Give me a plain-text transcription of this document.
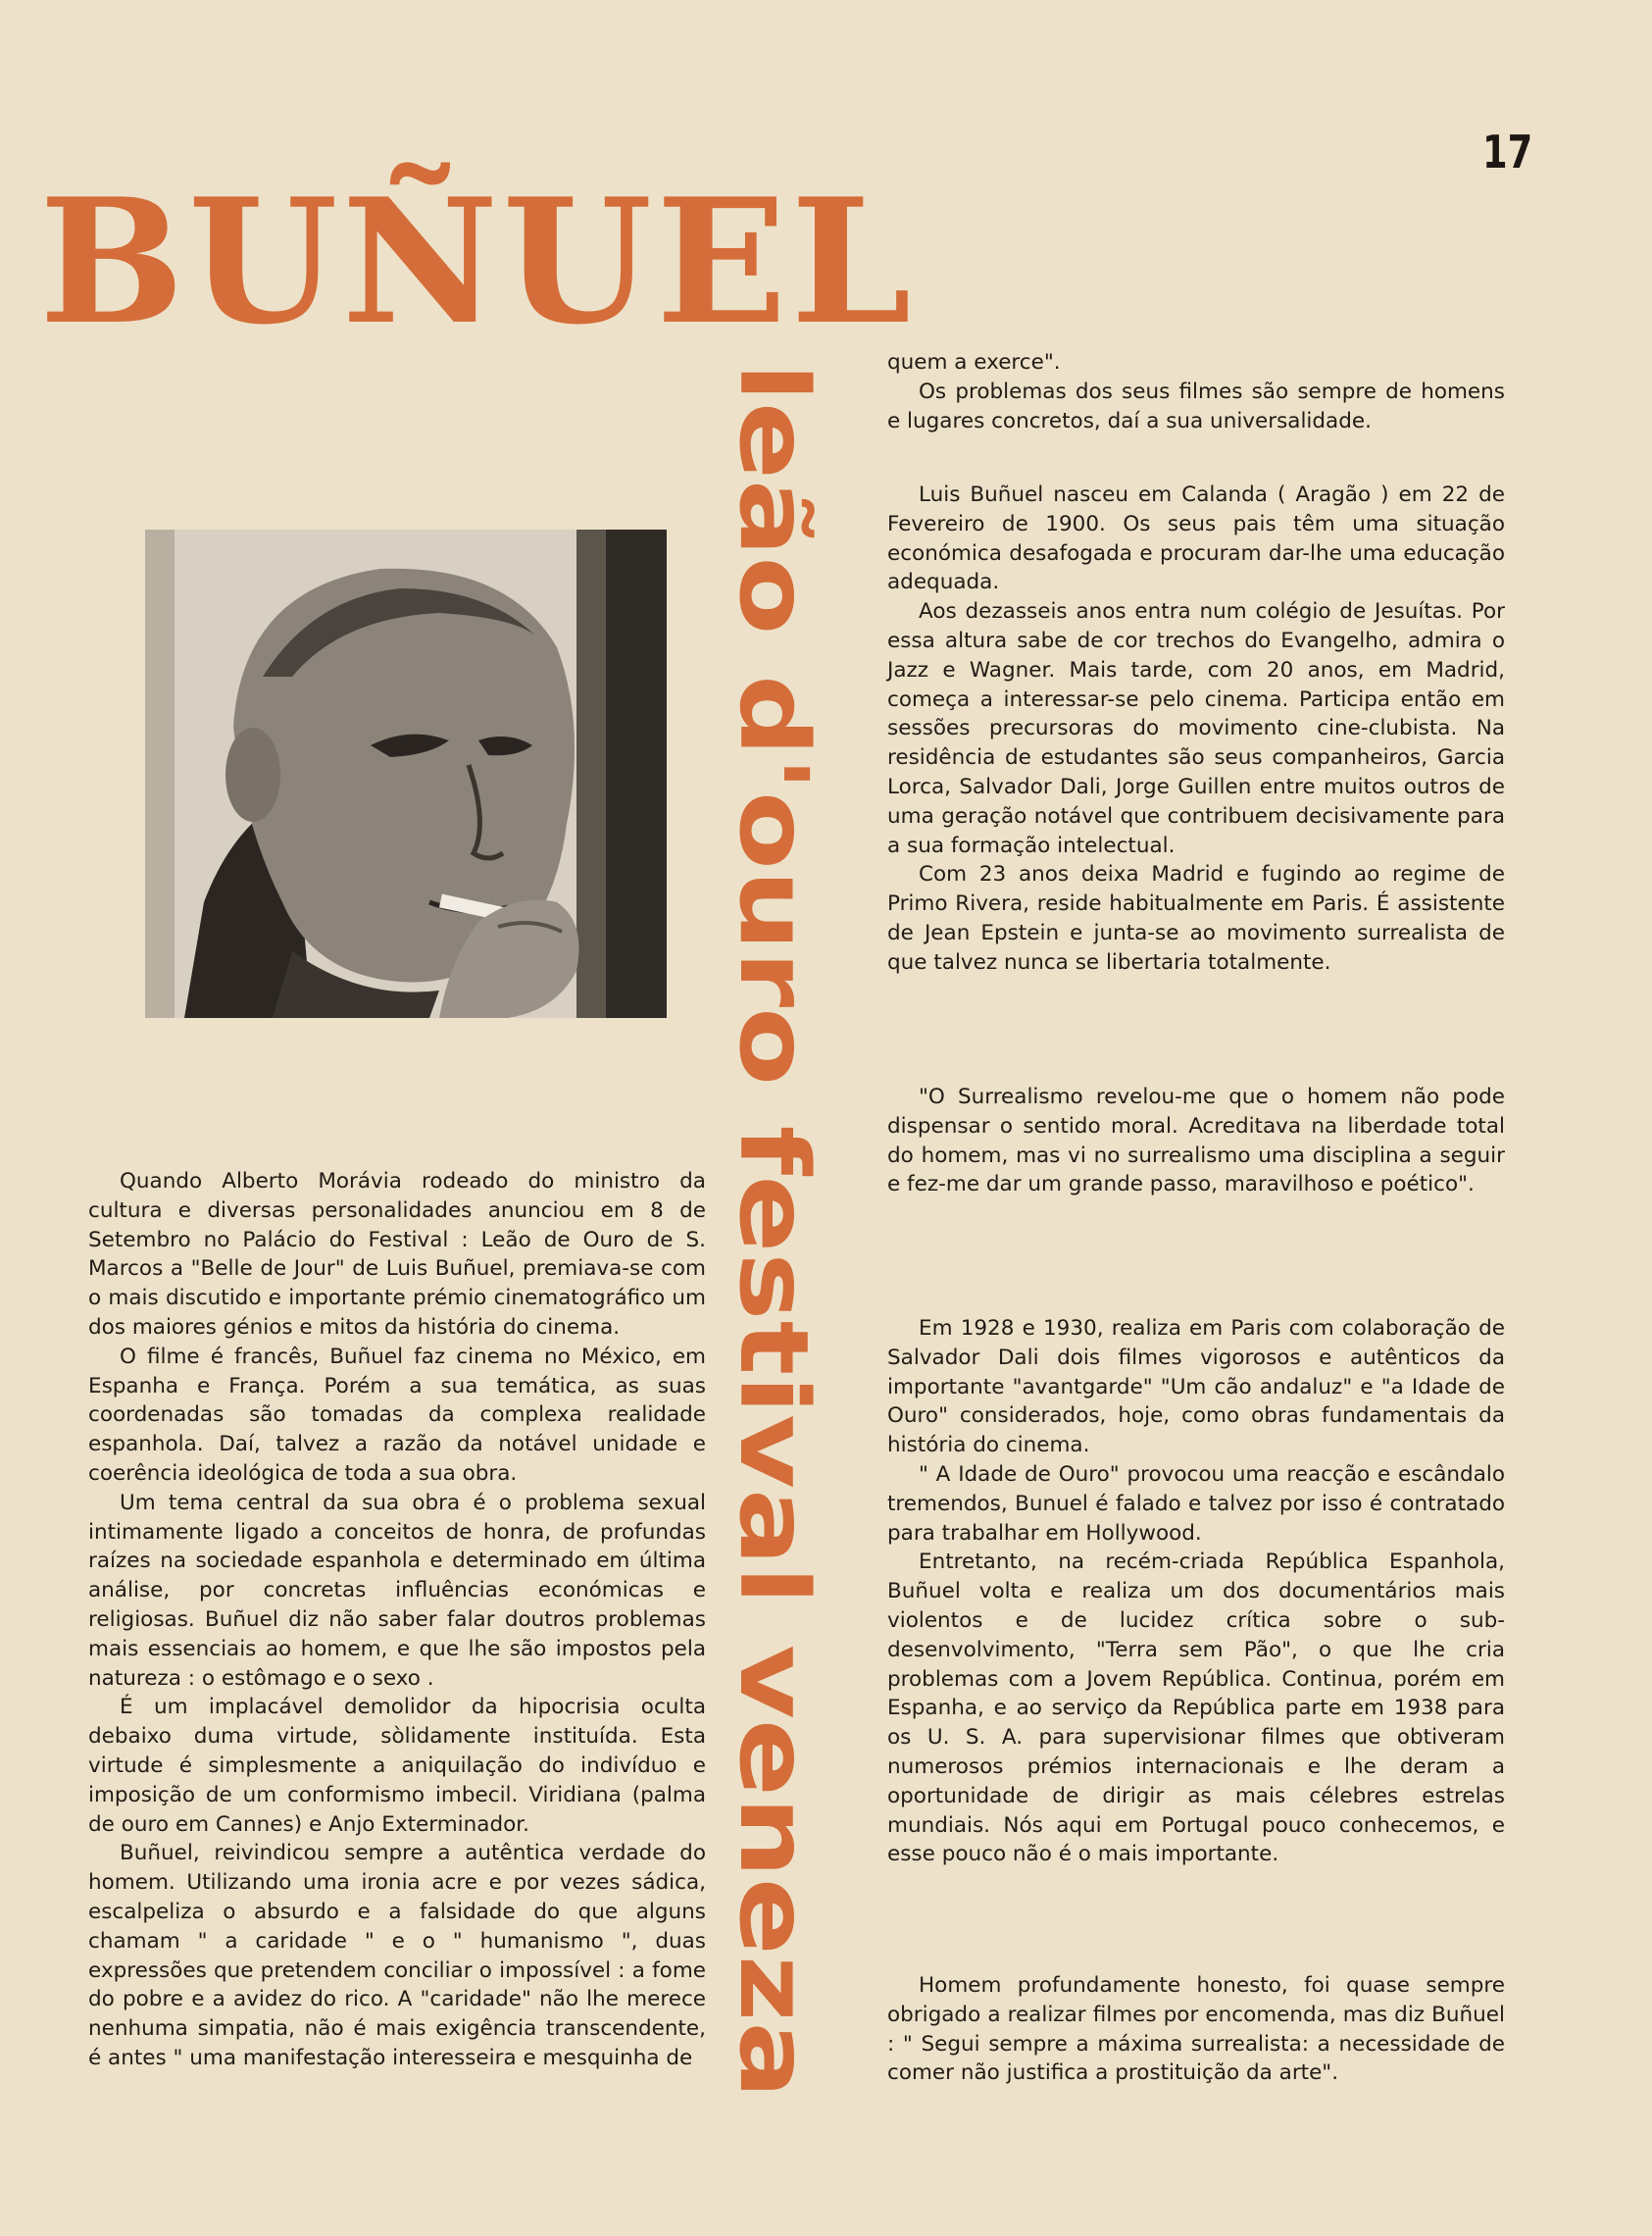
17
BUÑUEL
leão d'ouro festival veneza

Quando Alberto Morávia rodeado do ministro da cultura e diversas personalidades anunciou em 8 de Setembro no Palácio do Festival : Leão de Ouro de S. Marcos a "Belle de Jour" de Luis Buñuel, premiava-se com o mais discutido e importante prémio cinematográfico um dos maiores génios e mitos da história do cinema.

O filme é francês, Buñuel faz cinema no México, em Espanha e França. Porém a sua temática, as suas coordenadas são tomadas da complexa realidade espanhola. Daí, talvez a razão da notável unidade e coerência ideológica de toda a sua obra.

Um tema central da sua obra é o problema sexual intimamente ligado a conceitos de honra, de profundas raízes na sociedade espanhola e determinado em última análise, por concretas influências económicas e religiosas. Buñuel diz não saber falar doutros problemas mais essenciais ao homem, e que lhe são impostos pela natureza : o estômago e o sexo .

É um implacável demolidor da hipocrisia oculta debaixo duma virtude, sòlidamente instituída. Esta virtude é simplesmente a aniquilação do indivíduo e imposição de um conformismo imbecil. Viridiana (palma de ouro em Cannes) e Anjo Exterminador.

Buñuel, reivindicou sempre a autêntica verdade do homem. Utilizando uma ironia acre e por vezes sádica, escalpeliza o absurdo e a falsidade do que alguns chamam " a caridade " e o " humanismo ", duas expressões que pretendem conciliar o impossível : a fome do pobre e a avidez do rico. A "caridade" não lhe merece nenhuma simpatia, não é mais exigência transcendente, é antes " uma manifestação interesseira e mesquinha de

quem a exerce".

Os problemas dos seus filmes são sempre de homens e lugares concretos, daí a sua universalidade.

Luis Buñuel nasceu em Calanda ( Aragão ) em 22 de Fevereiro de 1900. Os seus pais têm uma situação económica desafogada e procuram dar-lhe uma educação adequada.

Aos dezasseis anos entra num colégio de Jesuítas. Por essa altura sabe de cor trechos do Evangelho, admira o Jazz e Wagner. Mais tarde, com 20 anos, em Madrid, começa a interessar-se pelo cinema. Participa então em sessões precursoras do movimento cine-clubista. Na residência de estudantes são seus companheiros, Garcia Lorca, Salvador Dali, Jorge Guillen entre muitos outros de uma geração notável que contribuem decisivamente para a sua formação intelectual.

Com 23 anos deixa Madrid e fugindo ao regime de Primo Rivera, reside habitualmente em Paris. É assistente de Jean Epstein e junta-se ao movimento surrealista de que talvez nunca se libertaria totalmente.

"O Surrealismo revelou-me que o homem não pode dispensar o sentido moral. Acreditava na liberdade total do homem, mas vi no surrealismo uma disciplina a seguir e fez-me dar um grande passo, maravilhoso e poético".

Em 1928 e 1930, realiza em Paris com colaboração de Salvador Dali dois filmes vigorosos e autênticos da importante "avantgarde" "Um cão andaluz" e "a Idade de Ouro" considerados, hoje, como obras fundamentais da história do cinema.

" A Idade de Ouro" provocou uma reacção e escândalo tremendos, Bunuel é falado e talvez por isso é contratado para trabalhar em Hollywood.

Entretanto, na recém-criada República Espanhola, Buñuel volta e realiza um dos documentários mais violentos e de lucidez crítica sobre o sub-desenvolvimento, "Terra sem Pão", o que lhe cria problemas com a Jovem República. Continua, porém em Espanha, e ao serviço da República parte em 1938 para os U. S. A. para supervisionar filmes que obtiveram numerosos prémios internacionais e lhe deram a oportunidade de dirigir as mais célebres estrelas mundiais. Nós aqui em Portugal pouco conhecemos, e esse pouco não é o mais importante.

Homem profundamente honesto, foi quase sempre obrigado a realizar filmes por encomenda, mas diz Buñuel : " Segui sempre a máxima surrealista: a necessidade de comer não justifica a prostituição da arte".
